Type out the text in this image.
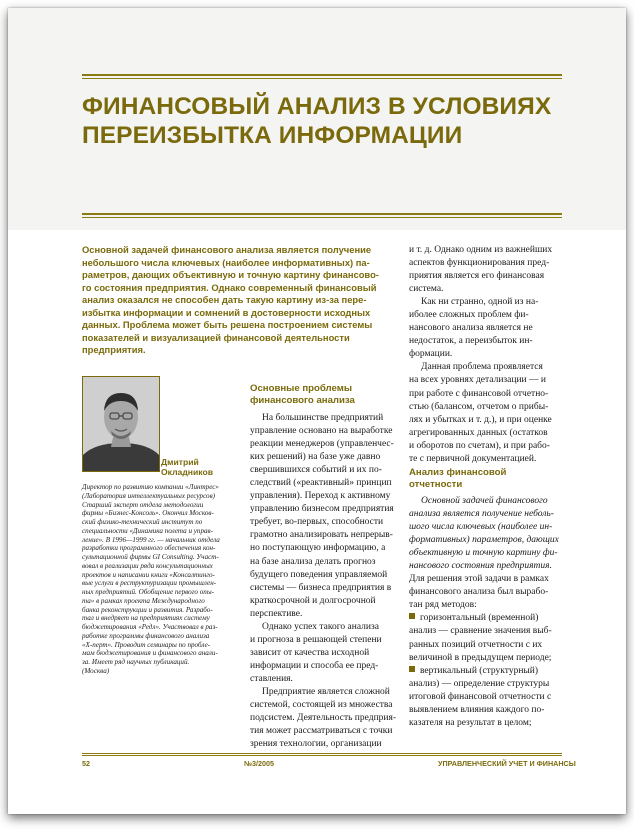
ФИНАНСОВЫЙ АНАЛИЗ В УСЛОВИЯХ
ПЕРЕИЗБЫТКА ИНФОРМАЦИИ

Основной задачей финансового анализа является получение
небольшого числа ключевых (наиболее информативных) па-
раметров, дающих объективную и точную картину финансово-
го состояния предприятия. Однако современный финансовый
анализ оказался не способен дать такую картину из-за пере-
избытка информации и сомнений в достоверности исходных
данных. Проблема может быть решена построением системы
показателей и визуализацией финансовой деятельности
предприятия.

Дмитрий
Окладников
Директор по развитию компании «Линтрес»
(Лаборатория интеллектуальных ресурсов)
Старший эксперт отдела методологии
фирмы «Бизнес-Консоль». Окончил Москов-
ский физико-технический институт по
специальности «Динамика полета и управ-
ление». В 1996—1999 гг. — начальник отдела
разработки программного обеспечения кон-
сультационной фирмы GI Consulting. Участ-
вовал в реализации ряда консультационных
проектов и написании книги «Консалтинго-
вые услуги в реструктуризации промышлен-
ных предприятий. Обобщение первого опы-
та» в рамках проекта Международного
банка реконструкции и развития. Разрабо-
тал и внедряет на предприятиях систему
бюджетирования «Редл». Участвовал в раз-
работке программы финансового анализа
«Х-перт». Проводит семинары по пробле-
мам бюджетирования и финансового анали-
за. Имеет ряд научных публикаций.
(Москва)
Основные проблемы
финансового анализа
На большинстве предприятий
управление основано на выработке
реакции менеджеров (управленчес-
ких решений) на базе уже давно
свершившихся событий и их по-
следствий («реактивный» принцип
управления). Переход к активному
управлению бизнесом предприятия
требует, во-первых, способности
грамотно анализировать непрерыв-
но поступающую информацию, а
на базе анализа делать прогноз
будущего поведения управляемой
системы — бизнеса предприятия в
краткосрочной и долгосрочной
перспективе.
Однако успех такого анализа
и прогноза в решающей степени
зависит от качества исходной
информации и способа ее пред-
ставления.
Предприятие является сложной
системой, состоящей из множества
подсистем. Деятельность предприя-
тия может рассматриваться с точки
зрения технологии, организации
и т. д. Однако одним из важнейших
аспектов функционирования пред-
приятия является его финансовая
система.
Как ни странно, одной из на-
иболее сложных проблем фи-
нансового анализа является не
недостаток, а переизбыток ин-
формации.
Данная проблема проявляется
на всех уровнях детализации — и
при работе с финансовой отчетно-
стью (балансом, отчетом о прибы-
лях и убытках и т. д.), и при оценке
агрегированных данных (остатков
и оборотов по счетам), и при рабо-
те с первичной документацией.
Анализ финансовой
отчетности
Основной задачей финансового
анализа является получение неболь-
шого числа ключевых (наиболее ин-
формативных) параметров, дающих
объективную и точную картину фи-
нансового состояния предприятия.
Для решения этой задачи в рамках
финансового анализа был вырабо-
тан ряд методов:
горизонтальный (временной)
анализ — сравнение значения выб-
ранных позиций отчетности с их
величиной в предыдущем периоде;
вертикальный (структурный)
анализ) — определение структуры
итоговой финансовой отчетности с
выявлением влияния каждого по-
казателя на результат в целом;
52	№3/2005	УПРАВЛЕНЧЕСКИЙ УЧЕТ И ФИНАНСЫ
